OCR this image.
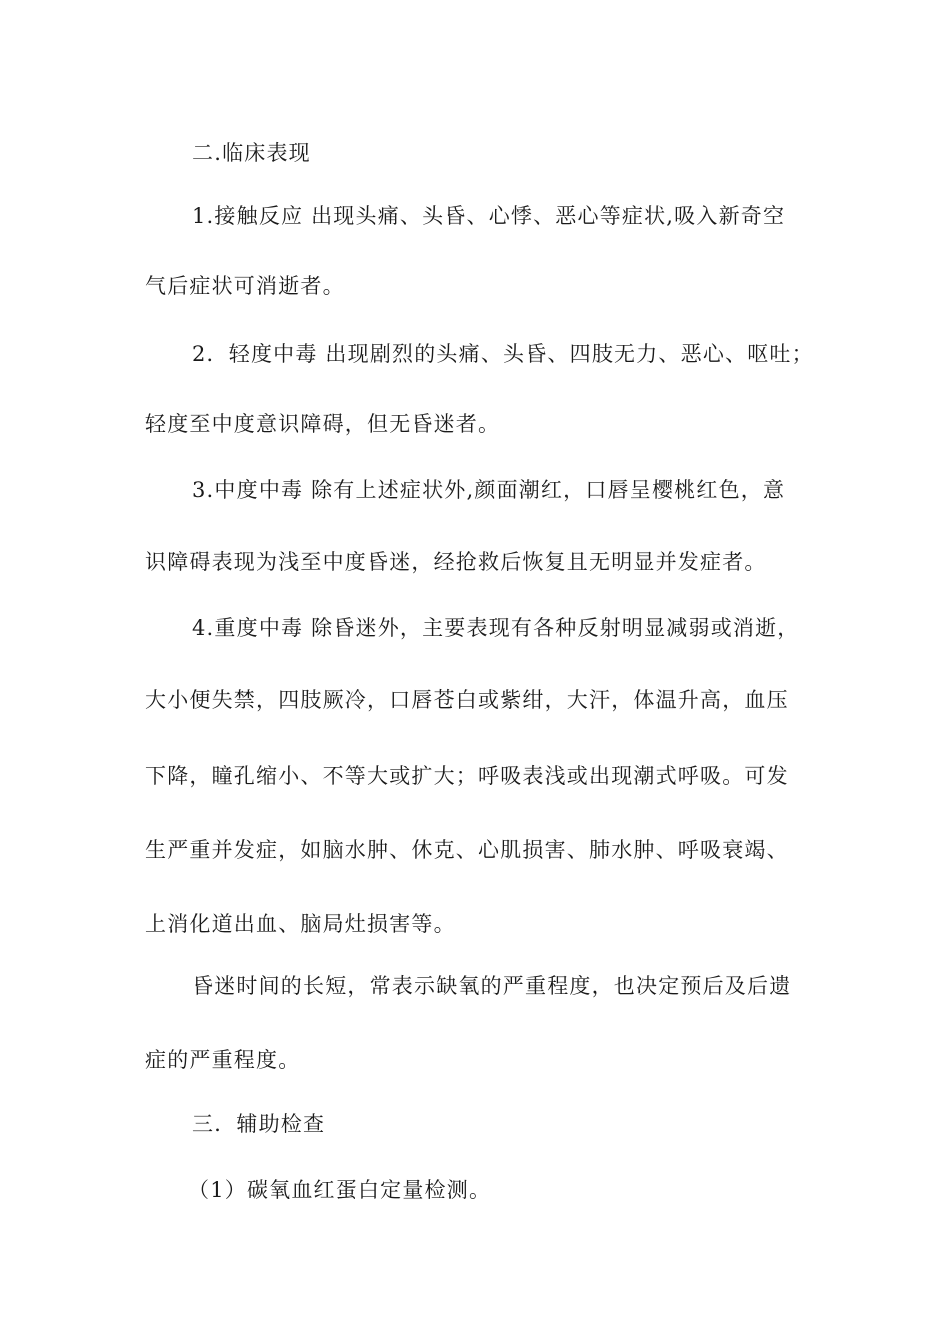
二.临床表现
1.接触反应 出现头痛、头昏、心悸、恶心等症状,吸入新奇空
气后症状可消逝者。
2．轻度中毒 出现剧烈的头痛、头昏、四肢无力、恶心、呕吐；
轻度至中度意识障碍，但无昏迷者。
3.中度中毒 除有上述症状外,颜面潮红，口唇呈樱桃红色，意
识障碍表现为浅至中度昏迷，经抢救后恢复且无明显并发症者。
4.重度中毒 除昏迷外，主要表现有各种反射明显减弱或消逝，
大小便失禁，四肢厥冷，口唇苍白或紫绀，大汗，体温升高，血压
下降，瞳孔缩小、不等大或扩大；呼吸表浅或出现潮式呼吸。可发
生严重并发症，如脑水肿、休克、心肌损害、肺水肿、呼吸衰竭、
上消化道出血、脑局灶损害等。
昏迷时间的长短，常表示缺氧的严重程度，也决定预后及后遗
症的严重程度。
三．辅助检查
（1）碳氧血红蛋白定量检测。
